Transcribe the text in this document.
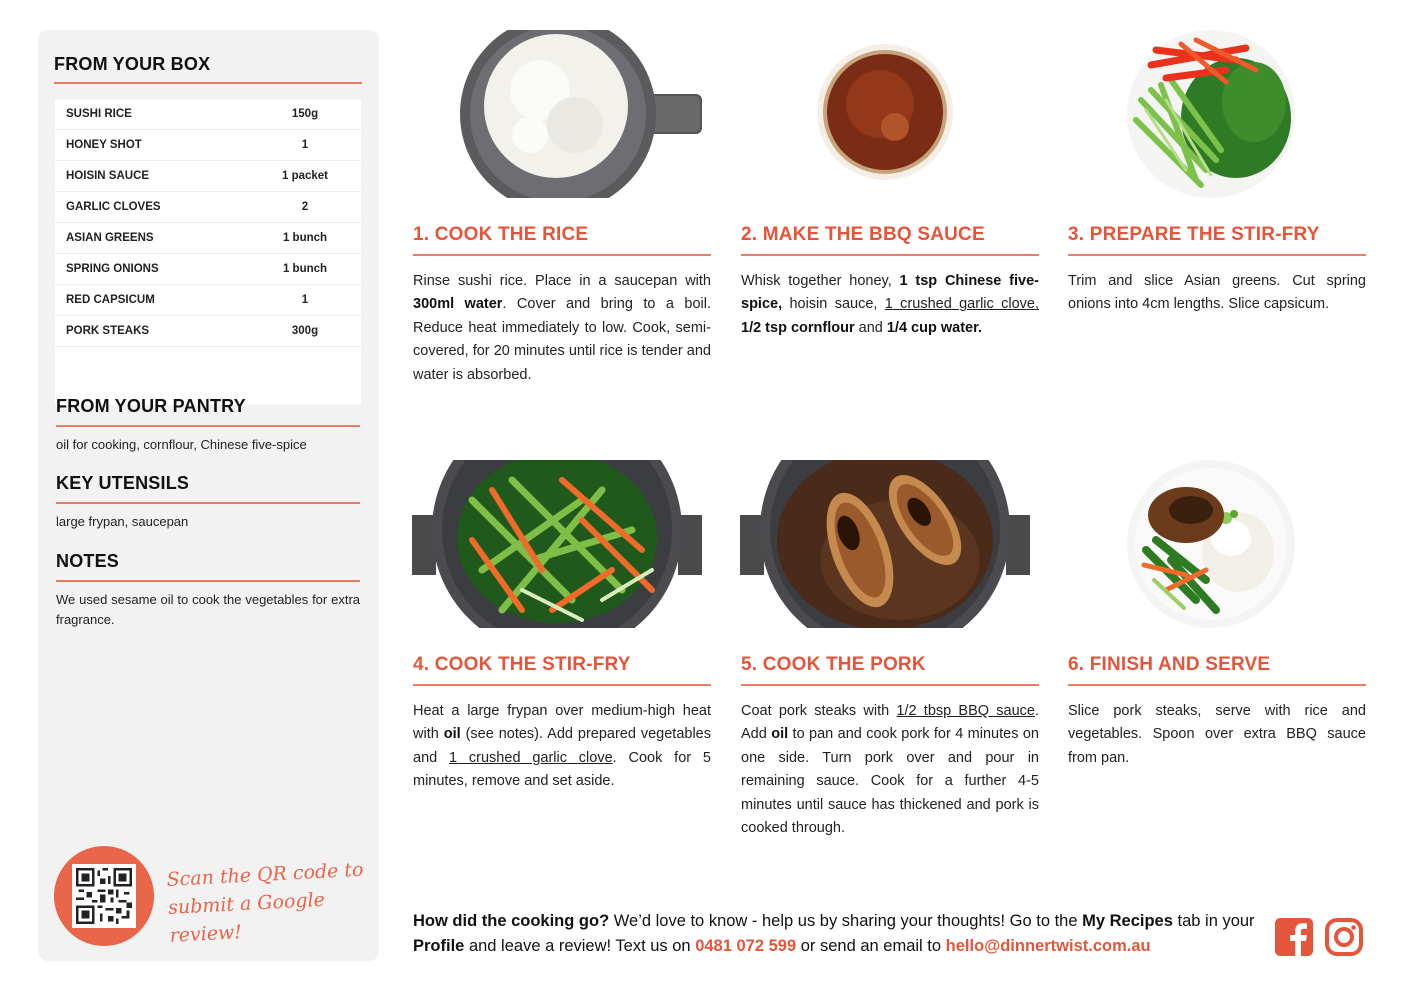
FROM YOUR BOX
SUSHI RICE	150g
HONEY SHOT	1
HOISIN SAUCE	1 packet
GARLIC CLOVES	2
ASIAN GREENS	1 bunch
SPRING ONIONS	1 bunch
RED CAPSICUM	1
PORK STEAKS	300g
FROM YOUR PANTRY

oil for cooking, cornflour, Chinese five-spice

KEY UTENSILS

large frypan, saucepan

NOTES

We used sesame oil to cook the vegetables for extra fragrance.

Scan the QR code to
submit a Google review!
1. COOK THE RICE

Rinse sushi rice. Place in a saucepan with 300ml water. Cover and bring to a boil. Reduce heat immediately to low. Cook, semi-covered, for 20 minutes until rice is tender and water is absorbed.

2. MAKE THE BBQ SAUCE

Whisk together honey, 1 tsp Chinese five-spice, hoisin sauce, 1 crushed garlic clove, 1/2 tsp cornflour and 1/4 cup water.

3. PREPARE THE STIR-FRY

Trim and slice Asian greens. Cut spring onions into 4cm lengths. Slice capsicum.

4. COOK THE STIR-FRY

Heat a large frypan over medium-high heat with oil (see notes). Add prepared vegetables and 1 crushed garlic clove. Cook for 5 minutes, remove and set aside.

5. COOK THE PORK

Coat pork steaks with 1/2 tbsp BBQ sauce. Add oil to pan and cook pork for 4 minutes on one side. Turn pork over and pour in remaining sauce. Cook for a further 4-5 minutes until sauce has thickened and pork is cooked through.

6. FINISH AND SERVE

Slice pork steaks, serve with rice and vegetables. Spoon over extra BBQ sauce from pan.

How did the cooking go? We’d love to know - help us by sharing your thoughts! Go to the My Recipes tab in your Profile and leave a review! Text us on 0481 072 599 or send an email to hello@dinnertwist.com.au
